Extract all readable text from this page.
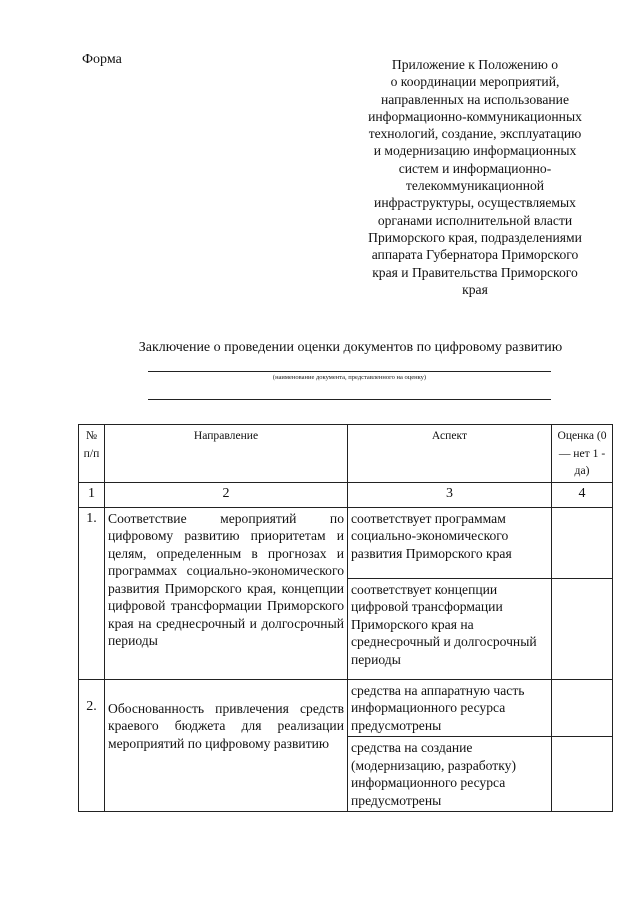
Форма	Приложение к Положению о
о координации мероприятий,
направленных на использование
информационно-коммуникационных
технологий, создание, эксплуатацию
и модернизацию информационных
систем и информационно-
телекоммуникационной
инфраструктуры, осуществляемых
органами исполнительной власти
Приморского края, подразделениями
аппарата Губернатора Приморского
края и Правительства Приморского
края
Заключение о проведении оценки документов по цифровому развитию
(наименование документа, представленного на оценку)
№ п/п	Направление	Аспект	Оценка (0 — нет 1 - да)
1	2	3	4
1.	Соответствие мероприятий по цифровому развитию приоритетам и целям, определенным в прогнозах и программах социально-экономического развития Приморского края, концепции цифровой трансформации Приморского края на среднесрочный и долгосрочный периоды	соответствует программам социально-экономического развития Приморского края	
		соответствует концепции цифровой трансформации Приморского края на среднесрочный и долгосрочный периоды	
2.	Обоснованность привлечения средств краевого бюджета для реализации мероприятий по цифровому развитию	средства на аппаратную часть информационного ресурса предусмотрены	
		средства на создание (модернизацию, разработку) информационного ресурса предусмотрены	
